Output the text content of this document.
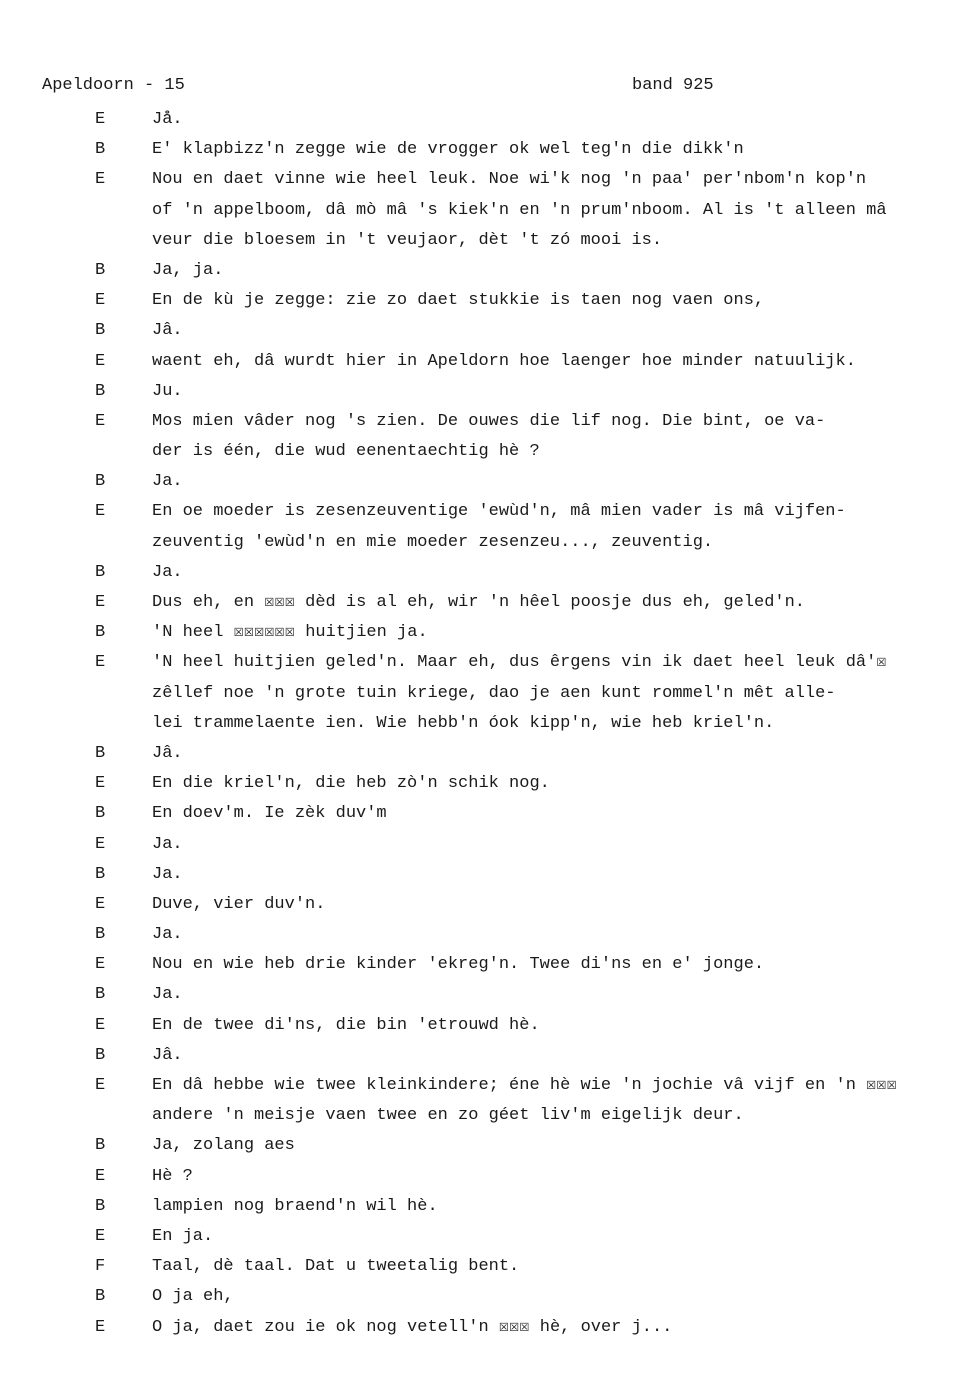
Apeldoorn - 15	band 925
E	Jå.
B	E' klapbizz'n zegge wie de vrogger ok wel teg'n die dikk'n
E	Nou en daet vinne wie heel leuk. Noe wi'k nog 'n paa' per'nbom'n kop'n
of 'n appelboom, dâ mò mâ 's kiek'n en 'n prum'nboom. Al is 't alleen mâ
veur die bloesem in 't veujaor, dèt 't zó mooi is.
B	Ja, ja.
E	En de kù je zegge: zie zo daet stukkie is taen nog vaen ons,
B	Jâ.
E	waent eh, dâ wurdt hier in Apeldorn hoe laenger hoe minder natuulijk.
B	Ju.
E	Mos mien vâder nog 's zien. De ouwe⁠s die lif nog. Die bint, oe va-
der is één, die wud eenentaechtig hè ?
B	Ja.
E	En oe moeder is zesenzeuventige 'ewùd'n, mâ mien vader is mâ vijfen-
zeuventig 'ewùd'n en mie moeder zesenzeu..., zeuventig.
B	Ja.
E	Dus eh, en ☒☒☒ dèd is al eh, wir 'n hêel poosje dus eh, geled'n.
B	'N heel ☒☒☒☒☒☒ huitjien ja.
E	'N heel huitjien geled'n. Maar eh, dus êrgens vin ik daet heel leuk dâ'☒
zêllef noe 'n grote tuin kriege, dao je aen kunt rommel'n mêt alle-
lei trammelaente ien. Wie hebb'n óok kipp'n, wie heb kriel'n.
B	Jâ.
E	En die kriel'n, die heb zò'n schik nog.
B	En doev'm. Ie zèk duv'm
E	Ja.
B	Ja.
E	Duve, vier duv'n.
B	Ja.
E	Nou en wie heb drie kinder 'ekreg'n. Twee di'ns en e' jonge.
B	Ja.
E	En de twee di'ns, die bin 'etrouwd hè.
B	Jâ.
E	En dâ hebbe wie twee kleinkindere; éne hè wie 'n jochie vâ vijf en 'n ☒☒☒
andere 'n meisje vaen twee en zo géet liv'm eigelijk deur.
B	Ja, zolang aes
E	Hè ?
B	lampien nog braend'n wil hè.
E	En ja.
F	Taal, dè taal. Dat u tweetalig bent.
B	O ja eh,
E	O ja, daet zou ie ok nog vetell'n ☒☒☒ hè, over j...
